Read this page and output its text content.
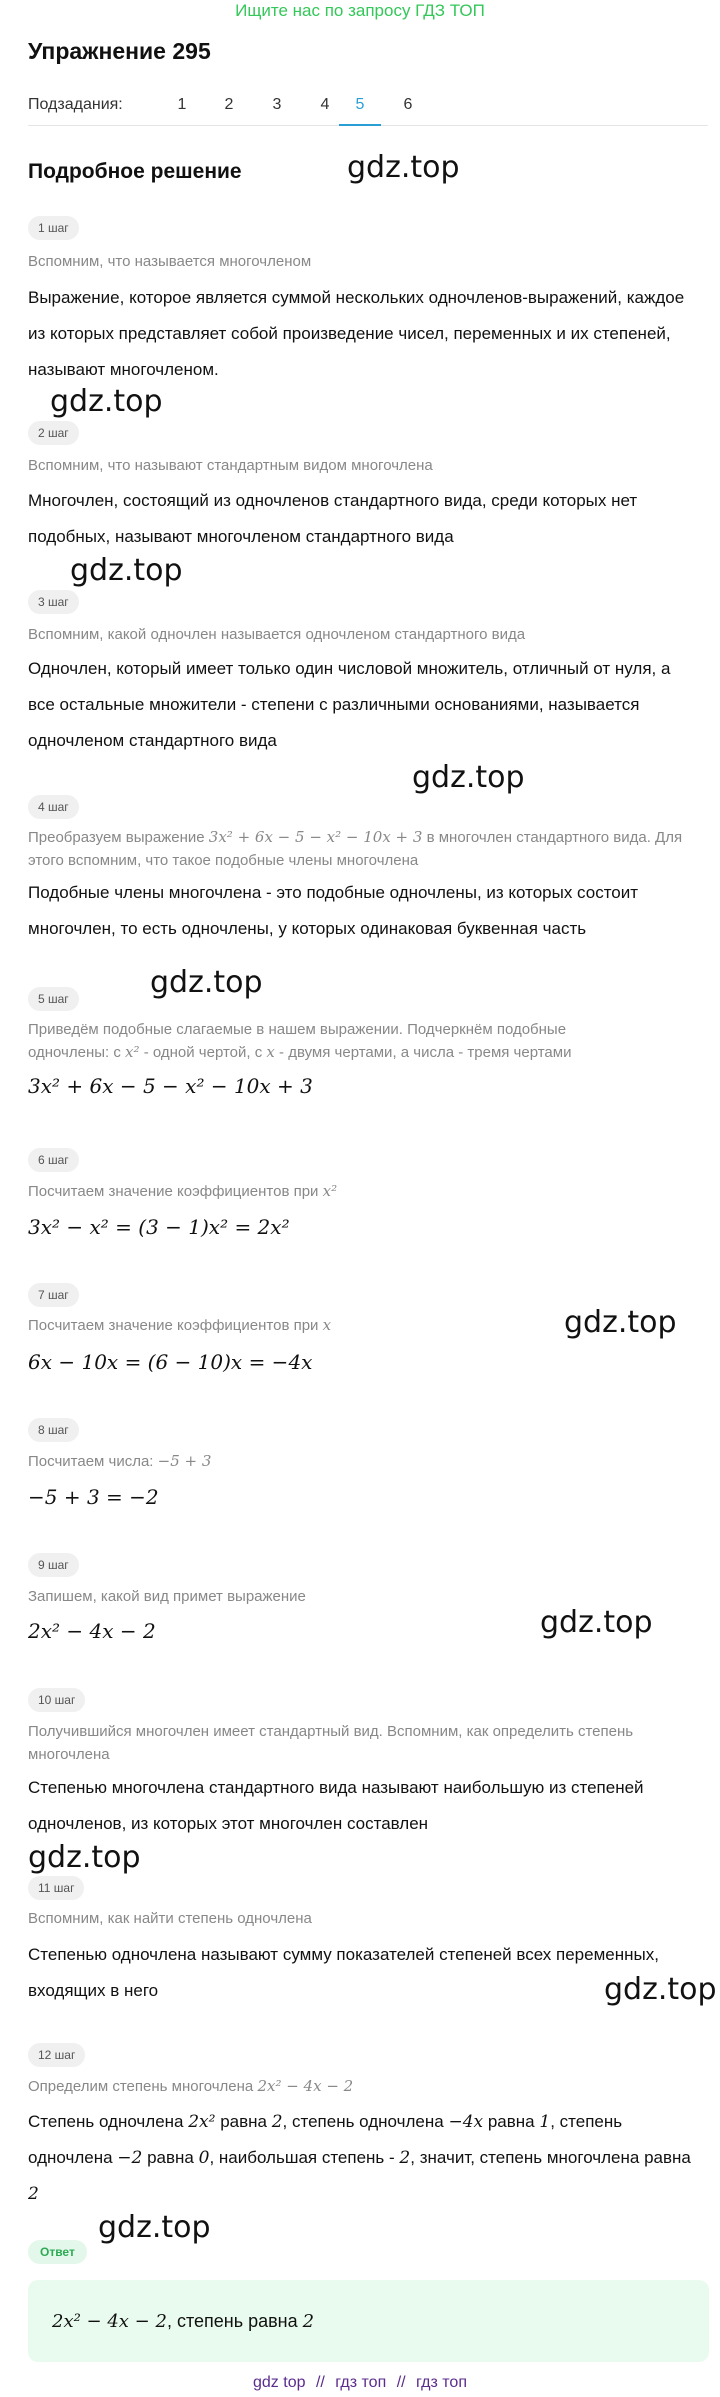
Ищите нас по запросу ГДЗ ТОП
Упражнение 295
Подзадания:	1	2	3	4	5	6
Подробное решение	gdz.top
gdz.top
gdz.top
gdz.top
gdz.top
gdz.top
gdz.top
gdz.top
gdz.top
gdz.top
1 шаг
Вспомним, что называется многочленом
Выражение, которое является суммой нескольких одночленов-выражений, каждое из которых представляет собой произведение чисел, переменных и их степеней, называют многочленом.
2 шаг
Вспомним, что называют стандартным видом многочлена
Многочлен, состоящий из одночленов стандартного вида, среди которых нет подобных, называют многочленом стандартного вида
3 шаг
Вспомним, какой одночлен называется одночленом стандартного вида
Одночлен, который имеет только один числовой множитель, отличный от нуля, а все остальные множители - степени с различными основаниями, называется одночленом стандартного вида
4 шаг
Преобразуем выражение 3x² + 6x − 5 − x² − 10x + 3 в многочлен стандартного вида. Для этого вспомним, что такое подобные члены многочлена
Подобные члены многочлена - это подобные одночлены, из которых состоит многочлен, то есть одночлены, у которых одинаковая буквенная часть
5 шаг
Приведём подобные слагаемые в нашем выражении. Подчеркнём подобные
одночлены: с x² - одной чертой, с x - двумя чертами, а числа - тремя чертами
3x² + 6x − 5 − x² − 10x + 3
6 шаг
Посчитаем значение коэффициентов при x²
3x² − x² = (3 − 1)x² = 2x²
7 шаг
Посчитаем значение коэффициентов при x
6x − 10x = (6 − 10)x = −4x
8 шаг
Посчитаем числа: −5 + 3
−5 + 3 = −2
9 шаг
Запишем, какой вид примет выражение
2x² − 4x − 2
10 шаг
Получившийся многочлен имеет стандартный вид. Вспомним, как определить степень многочлена
Степенью многочлена стандартного вида называют наибольшую из степеней одночленов, из которых этот многочлен составлен
11 шаг
Вспомним, как найти степень одночлена
Степенью одночлена называют сумму показателей степеней всех переменных, входящих в него
12 шаг
Определим степень многочлена 2x² − 4x − 2
Степень одночлена 2x² равна 2, степень одночлена −4x равна 1, степень одночлена −2 равна 0, наибольшая степень - 2, значит, степень многочлена равна 2
Ответ
2x² − 4x − 2, степень равна 2
gdz top // гдз топ // гдз топ
